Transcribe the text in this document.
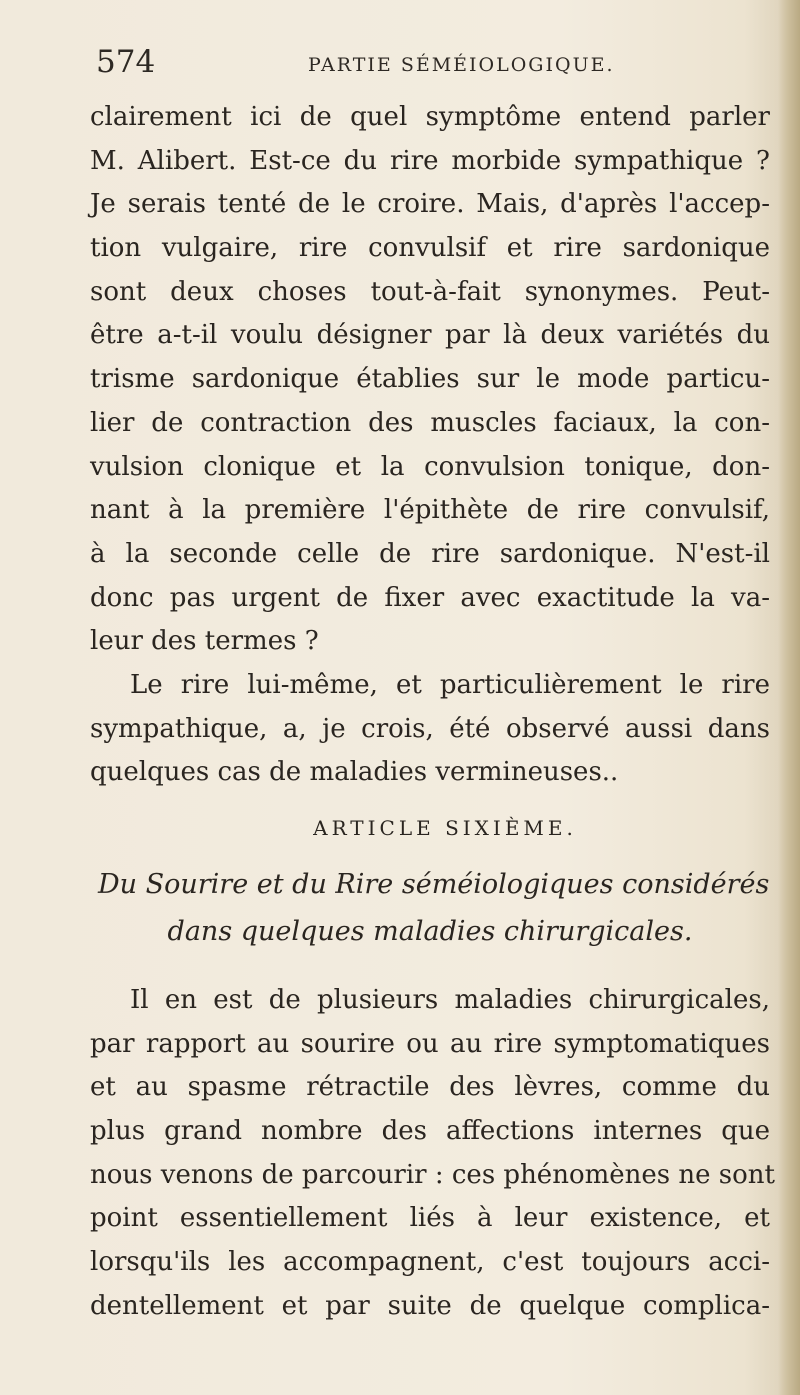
574	PARTIE SÉMÉIOLOGIQUE.
clairement ici de quel symptôme entend parler
M. Alibert. Est-ce du rire morbide sympathique ?
Je serais tenté de le croire. Mais, d'après l'accep-
tion vulgaire, rire convulsif et rire sardonique
sont deux choses tout-à-fait synonymes. Peut-
être a-t-il voulu désigner par là deux variétés du
trisme sardonique établies sur le mode particu-
lier de contraction des muscles faciaux, la con-
vulsion clonique et la convulsion tonique, don-
nant à la première l'épithète de rire convulsif,
à la seconde celle de rire sardonique. N'est-il
donc pas urgent de fixer avec exactitude la va-
leur des termes ?
Le rire lui-même, et particulièrement le rire
sympathique, a, je crois, été observé aussi dans
quelques cas de maladies vermineuses..
ARTICLE SIXIÈME.
Du Sourire et du Rire séméiologiques considérés
dans quelques maladies chirurgicales.
Il en est de plusieurs maladies chirurgicales,
par rapport au sourire ou au rire symptomatiques
et au spasme rétractile des lèvres, comme du
plus grand nombre des affections internes que
nous venons de parcourir : ces phénomènes ne sont
point essentiellement liés à leur existence, et
lorsqu'ils les accompagnent, c'est toujours acci-
dentellement et par suite de quelque complica-
